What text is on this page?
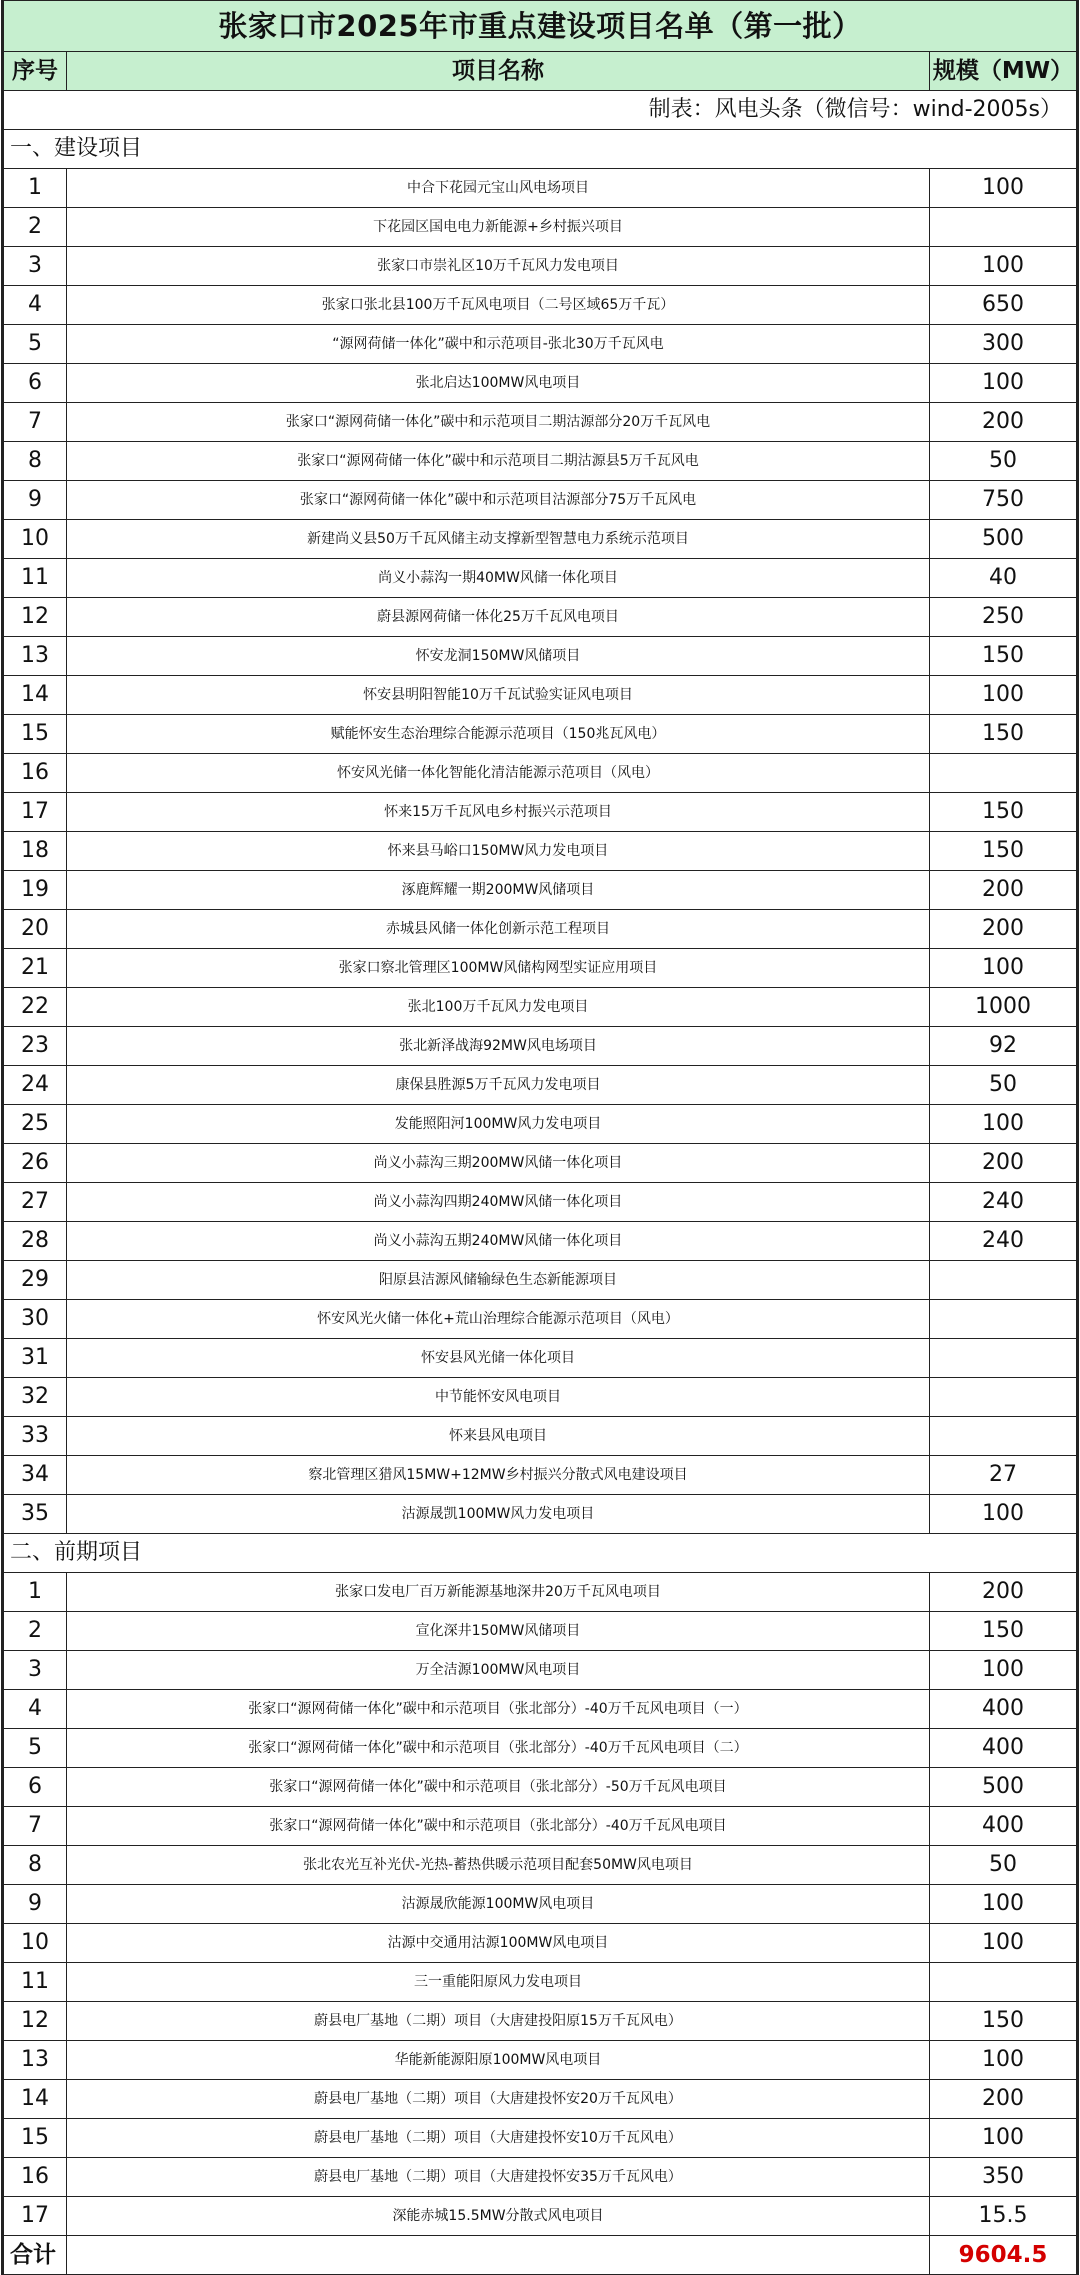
张家口市2025年市重点建设项目名单（第一批）		
序号	项目名称	规模（MW）
制表：风电头条（微信号：wind-2005s）		
一、建设项目		
1	中合下花园元宝山风电场项目	100
2	下花园区国电电力新能源+乡村振兴项目	
3	张家口市崇礼区10万千瓦风力发电项目	100
4	张家口张北县100万千瓦风电项目（二号区域65万千瓦）	650
5	“源网荷储一体化”碳中和示范项目-张北30万千瓦风电	300
6	张北启达100MW风电项目	100
7	张家口“源网荷储一体化”碳中和示范项目二期沽源部分20万千瓦风电	200
8	张家口“源网荷储一体化”碳中和示范项目二期沽源县5万千瓦风电	50
9	张家口“源网荷储一体化”碳中和示范项目沽源部分75万千瓦风电	750
10	新建尚义县50万千瓦风储主动支撑新型智慧电力系统示范项目	500
11	尚义小蒜沟一期40MW风储一体化项目	40
12	蔚县源网荷储一体化25万千瓦风电项目	250
13	怀安龙洞150MW风储项目	150
14	怀安县明阳智能10万千瓦试验实证风电项目	100
15	赋能怀安生态治理综合能源示范项目（150兆瓦风电）	150
16	怀安风光储一体化智能化清洁能源示范项目（风电）	
17	怀来15万千瓦风电乡村振兴示范项目	150
18	怀来县马峪口150MW风力发电项目	150
19	涿鹿辉耀一期200MW风储项目	200
20	赤城县风储一体化创新示范工程项目	200
21	张家口察北管理区100MW风储构网型实证应用项目	100
22	张北100万千瓦风力发电项目	1000
23	张北新泽战海92MW风电场项目	92
24	康保县胜源5万千瓦风力发电项目	50
25	发能照阳河100MW风力发电项目	100
26	尚义小蒜沟三期200MW风储一体化项目	200
27	尚义小蒜沟四期240MW风储一体化项目	240
28	尚义小蒜沟五期240MW风储一体化项目	240
29	阳原县洁源风储输绿色生态新能源项目	
30	怀安风光火储一体化+荒山治理综合能源示范项目（风电）	
31	怀安县风光储一体化项目	
32	中节能怀安风电项目	
33	怀来县风电项目	
34	察北管理区猎风15MW+12MW乡村振兴分散式风电建设项目	27
35	沽源晟凯100MW风力发电项目	100
二、前期项目		
1	张家口发电厂百万新能源基地深井20万千瓦风电项目	200
2	宣化深井150MW风储项目	150
3	万全洁源100MW风电项目	100
4	张家口“源网荷储一体化”碳中和示范项目（张北部分）-40万千瓦风电项目（一）	400
5	张家口“源网荷储一体化”碳中和示范项目（张北部分）-40万千瓦风电项目（二）	400
6	张家口“源网荷储一体化”碳中和示范项目（张北部分）-50万千瓦风电项目	500
7	张家口“源网荷储一体化”碳中和示范项目（张北部分）-40万千瓦风电项目	400
8	张北农光互补光伏-光热-蓄热供暖示范项目配套50MW风电项目	50
9	沽源晟欣能源100MW风电项目	100
10	沽源中交通用沽源100MW风电项目	100
11	三一重能阳原风力发电项目	
12	蔚县电厂基地（二期）项目（大唐建投阳原15万千瓦风电）	150
13	华能新能源阳原100MW风电项目	100
14	蔚县电厂基地（二期）项目（大唐建投怀安20万千瓦风电）	200
15	蔚县电厂基地（二期）项目（大唐建投怀安10万千瓦风电）	100
16	蔚县电厂基地（二期）项目（大唐建投怀安35万千瓦风电）	350
17	深能赤城15.5MW分散式风电项目	15.5
合计		9604.5
